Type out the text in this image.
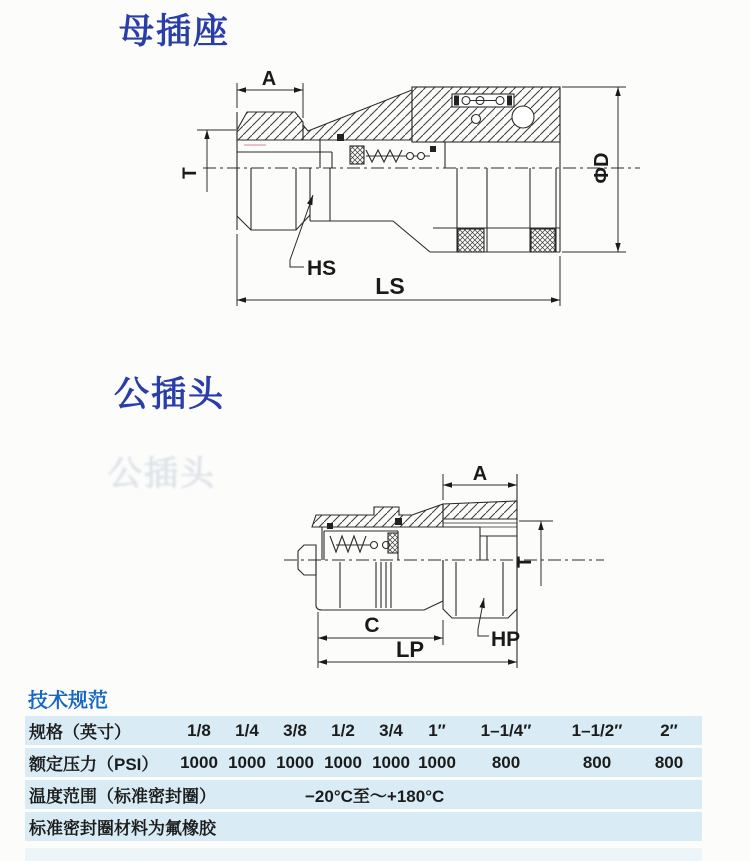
母插座
A
T	ΦD
HS
LS
公插头
公插头	A
T
C
LP	HP
技术规范
规格（英寸）	1/8	1/4	3/8	1/2	3/4	1″	1–1/4″	1–1/2″	2″
额定压力（PSI）	1000 1000 1000 1000 1000 1000	800	800	800
温度范围（标准密封圈）	−20°C至～+180°C
标准密封圈材料为氟橡胶
